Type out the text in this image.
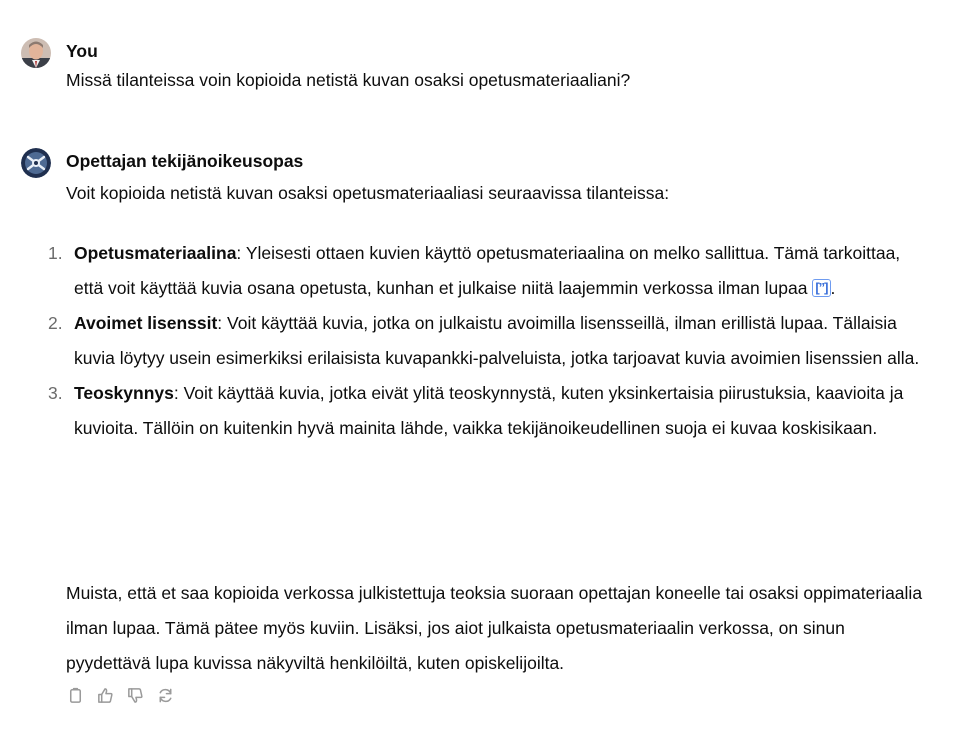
You
Missä tilanteissa voin kopioida netistä kuvan osaksi opetusmateriaaliani?
Opettajan tekijänoikeusopas
Voit kopioida netistä kuvan osaksi opetusmateriaaliasi seuraavissa tilanteissa:
1. Opetusmateriaalina: Yleisesti ottaen kuvien käyttö opetusmateriaalina on melko sallittua. Tämä tarkoittaa, että voit käyttää kuvia osana opetusta, kunhan et julkaise niitä laajemmin verkossa ilman lupaa [”] .
2. Avoimet lisenssit: Voit käyttää kuvia, jotka on julkaistu avoimilla lisensseillä, ilman erillistä lupaa. Tällaisia kuvia löytyy usein esimerkiksi erilaisista kuvapankki-palveluista, jotka tarjoavat kuvia avoimien lisenssien alla.
3. Teoskynnys: Voit käyttää kuvia, jotka eivät ylitä teoskynnystä, kuten yksinkertaisia piirustuksia, kaavioita ja kuvioita. Tällöin on kuitenkin hyvä mainita lähde, vaikka tekijänoikeudellinen suoja ei kuvaa koskisikaan.
Muista, että et saa kopioida verkossa julkistettuja teoksia suoraan opettajan koneelle tai osaksi oppimateriaalia ilman lupaa. Tämä pätee myös kuviin. Lisäksi, jos aiot julkaista opetusmateriaalin verkossa, on sinun pyydettävä lupa kuvissa näkyviltä henkilöiltä, kuten opiskelijoilta.
